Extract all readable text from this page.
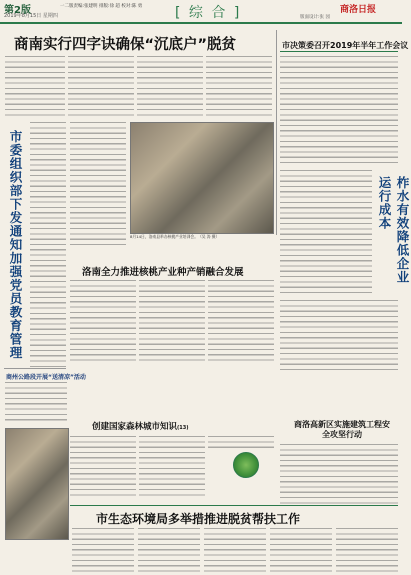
第2版
2019年8月15日 星期四
一二版责编:张建明 排版:徐 超 校对:陈 勇 [ 综 合 ]	商洛日报
版面设计:张 园
商南实行四字诀确保“沉底户”脱贫	市决策委召开2019年半年工作会议
市委组织部下发通知加强党员教育管理	8月14日，洛南县举办核桃产业培训会。（吴 涛 摄）	柞水有效降低企业运行成本
洛南全力推进核桃产业种产销融合发展
商州公路段开展“送清凉”活动
创建国家森林城市知识(13)	商洛高新区实施建筑工程安全攻坚行动
市生态环境局多举措推进脱贫帮扶工作
